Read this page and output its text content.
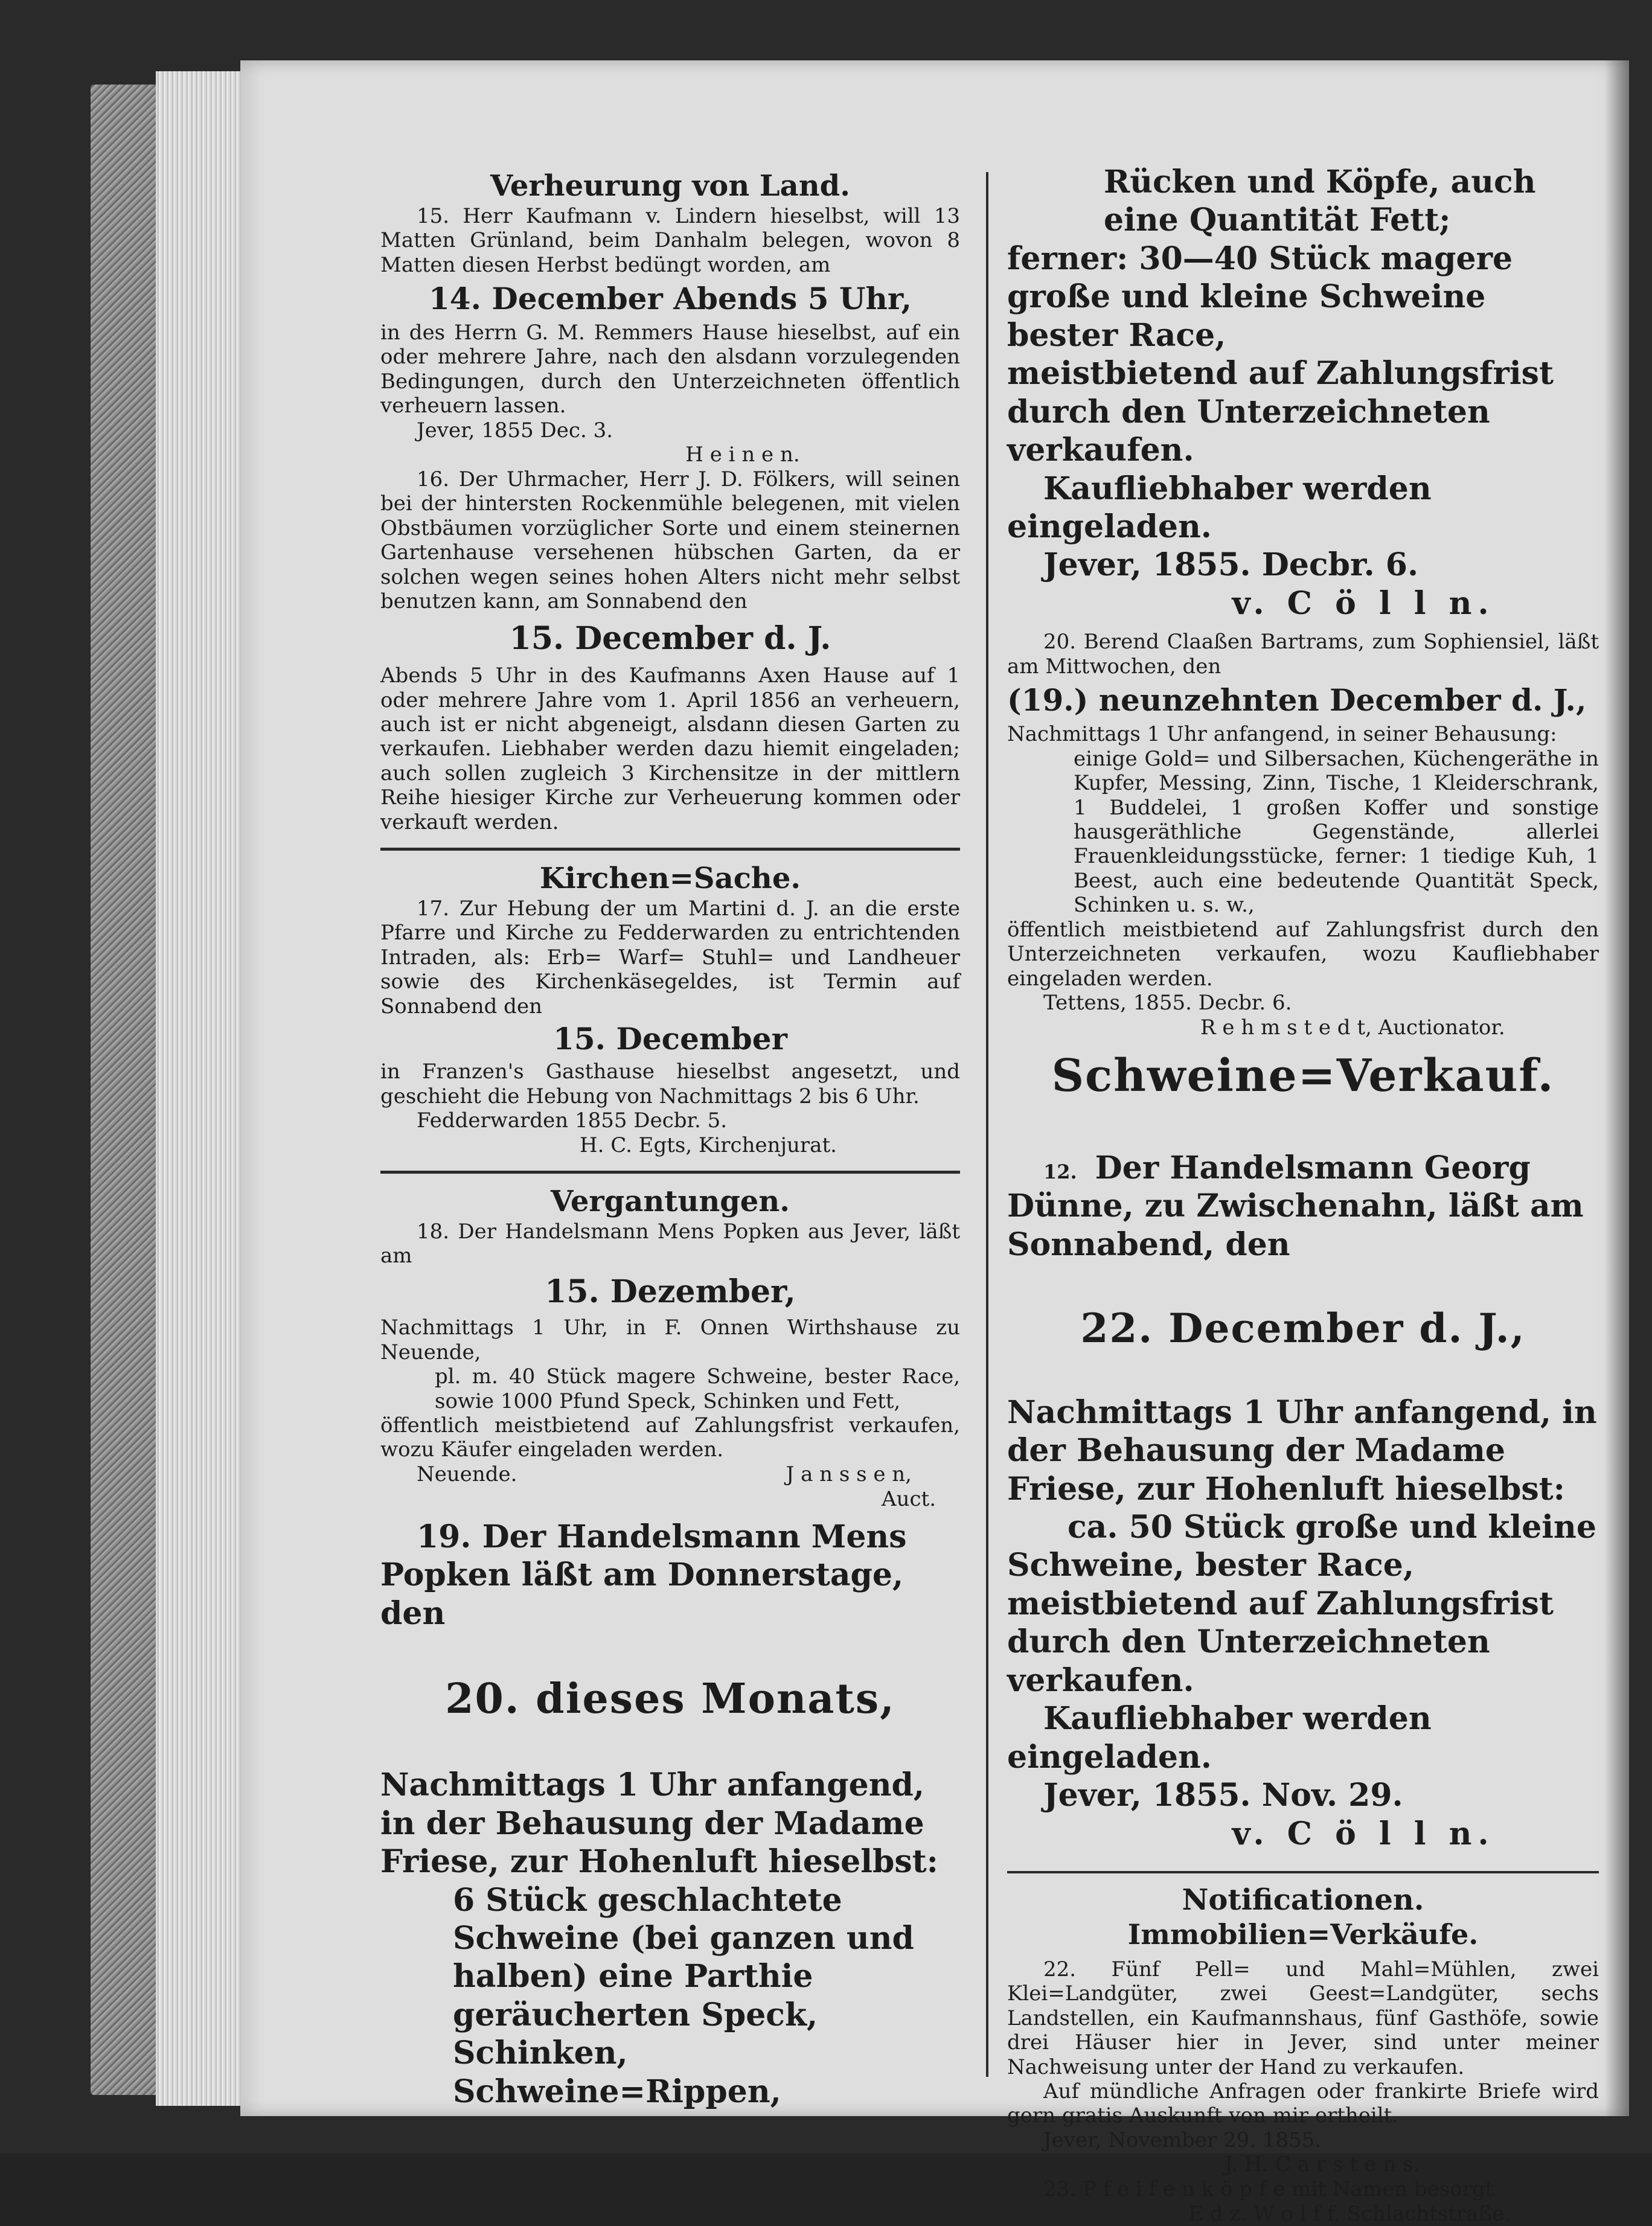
Verheurung von Land.

15. Herr Kaufmann v. Lindern hieselbst, will 13 Matten Grünland, beim Danhalm belegen, wovon 8 Matten diesen Herbst bedüngt worden, am

14. December Abends 5 Uhr,

in des Herrn G. M. Remmers Hause hieselbst, auf ein oder mehrere Jahre, nach den alsdann vorzulegenden Bedingungen, durch den Unterzeichneten öffentlich verheuern lassen.

Jever, 1855 Dec. 3.

H e i n e n.

16. Der Uhrmacher, Herr J. D. Fölkers, will seinen bei der hintersten Rockenmühle belegenen, mit vielen Obstbäumen vorzüglicher Sorte und einem steinernen Gartenhause versehenen hübschen Garten, da er solchen wegen seines hohen Alters nicht mehr selbst benutzen kann, am Sonnabend den

15. December d. J.

Abends 5 Uhr in des Kaufmanns Axen Hause auf 1 oder mehrere Jahre vom 1. April 1856 an verheuern, auch ist er nicht abgeneigt, alsdann diesen Garten zu verkaufen. Liebhaber werden dazu hiemit eingeladen; auch sollen zugleich 3 Kirchensitze in der mittlern Reihe hiesiger Kirche zur Verheuerung kommen oder verkauft werden.

Kirchen=Sache.

17. Zur Hebung der um Martini d. J. an die erste Pfarre und Kirche zu Fedderwarden zu entrichtenden Intraden, als: Erb= Warf= Stuhl= und Landheuer sowie des Kirchenkäsegeldes, ist Termin auf Sonnabend den

15. December

in Franzen's Gasthause hieselbst angesetzt, und geschieht die Hebung von Nachmittags 2 bis 6 Uhr.

Fedderwarden 1855 Decbr. 5.

H. C. Egts, Kirchenjurat.

Vergantungen.

18. Der Handelsmann Mens Popken aus Jever, läßt am

15. Dezember,

Nachmittags 1 Uhr, in F. Onnen Wirthshause zu Neuende,

pl. m. 40 Stück magere Schweine, bester Race, sowie 1000 Pfund Speck, Schinken und Fett,

öffentlich meistbietend auf Zahlungsfrist verkaufen, wozu Käufer eingeladen werden.

Neuende.	J a n s s e n,

Auct.

19. Der Handelsmann Mens Popken läßt am Donnerstage, den

20. dieses Monats,

Nachmittags 1 Uhr anfangend, in der Behausung der Madame Friese, zur Hohenluft hieselbst:

6 Stück geschlachtete Schweine (bei ganzen und halben) eine Parthie geräucherten Speck, Schinken, Schweine=Rippen,

Rücken und Köpfe, auch eine Quantität Fett;

ferner: 30—40 Stück magere große und kleine Schweine bester Race,

meistbietend auf Zahlungsfrist durch den Unterzeichneten verkaufen.

Kaufliebhaber werden eingeladen.

Jever, 1855. Decbr. 6.

v. C ö l l n.

20. Berend Claaßen Bartrams, zum Sophiensiel, läßt am Mittwochen, den

(19.) neunzehnten December d. J.,

Nachmittags 1 Uhr anfangend, in seiner Behausung:

einige Gold= und Silbersachen, Küchengeräthe in Kupfer, Messing, Zinn, Tische, 1 Kleiderschrank, 1 Buddelei, 1 großen Koffer und sonstige hausgeräthliche Gegenstände, allerlei Frauenkleidungsstücke, ferner: 1 tiedige Kuh, 1 Beest, auch eine bedeutende Quantität Speck, Schinken u. s. w.,

öffentlich meistbietend auf Zahlungsfrist durch den Unterzeichneten verkaufen, wozu Kaufliebhaber eingeladen werden.

Tettens, 1855. Decbr. 6.

R e h m s t e d t, Auctionator.

Schweine=Verkauf.

12. Der Handelsmann Georg Dünne, zu Zwischenahn, läßt am Sonnabend, den

22. December d. J.,

Nachmittags 1 Uhr anfangend, in der Behausung der Madame Friese, zur Hohenluft hieselbst:

ca. 50 Stück große und kleine Schweine, bester Race,

meistbietend auf Zahlungsfrist durch den Unterzeichneten verkaufen.

Kaufliebhaber werden eingeladen.

Jever, 1855. Nov. 29.

v. C ö l l n.

Notificationen.

Immobilien=Verkäufe.

22. Fünf Pell= und Mahl=Mühlen, zwei Klei=Landgüter, zwei Geest=Landgüter, sechs Landstellen, ein Kaufmannshaus, fünf Gasthöfe, sowie drei Häuser hier in Jever, sind unter meiner Nachweisung unter der Hand zu verkaufen.

Auf mündliche Anfragen oder frankirte Briefe wird gern gratis Auskunft von mir ertheilt.

Jever, November 29. 1855.

J. H. C a r s t e n s.

23. P f e i f e n k ö p f e mit Namen besorgt

E d z. W o l f f, Schlachtstraße.
